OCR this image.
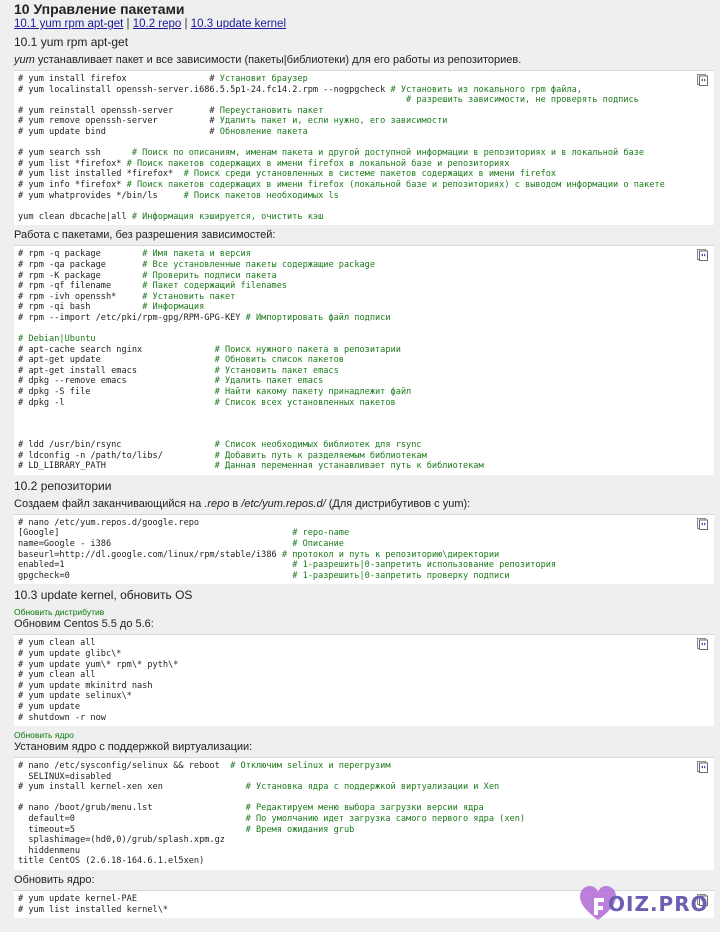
10 Управление пакетами
10.1 yum rpm apt-get | 10.2 repo | 10.3 update kernel
10.1 yum rpm apt-get
yum устанавливает пакет и все зависимости (пакеты|библиотеки) для его работы из репозиториев.
# yum install firefox                # Установит браузер
# yum localinstall openssh-server.i686.5.5p1-24.fc14.2.rpm --nogpgcheck # Установить из локального rpm файла,
# разрешить зависимости, не проверять подпись
# yum reinstall openssh-server       # Переустановить пакет
# yum remove openssh-server          # Удалить пакет и, если нужно, его зависимости
# yum update bind                    # Обновление пакета
# yum search ssh      # Поиск по описаниям, именам пакета и другой доступной информации в репозиториях и в локальной базе
# yum list *firefox* # Поиск пакетов содержащих в имени firefox в локальной базе и репозиториях
# yum list installed *firefox*  # Поиск среди установленных в системе пакетов содержащих в имени firefox
# yum info *firefox* # Поиск пакетов содержащих в имени firefox (локальной базе и репозиториях) с выводом информации о пакете
# yum whatprovides */bin/ls     # Поиск пакетов необходимых ls
yum clean dbcache|all # Информация кэшируется, очистить кэш
Работа с пакетами, без разрешения зависимостей:
# rpm -q package        # Имя пакета и версия
# rpm -qa package       # Все установленные пакеты содержащие package
# rpm -K package        # Проверить подписи пакета
# rpm -qf filename      # Пакет содержащий filenames
# rpm -ivh openssh*     # Установить пакет
# rpm -qi bash          # Информация
# rpm --import /etc/pki/rpm-gpg/RPM-GPG-KEY # Импортировать файл подписи
# Debian|Ubuntu
# apt-cache search nginx              # Поиск нужного пакета в репозитарии
# apt-get update                      # Обновить список пакетов
# apt-get install emacs               # Установить пакет emacs
# dpkg --remove emacs                 # Удалить пакет emacs
# dpkg -S file                        # Найти какому пакету принадлежит файл
# dpkg -l                             # Список всех установленных пакетов
# ldd /usr/bin/rsync                  # Список необходимых библиотек для rsync
# ldconfig -n /path/to/libs/          # Добавить путь к разделяемым библиотекам
# LD_LIBRARY_PATH                     # Данная переменная устанавливает путь к библиотекам
10.2 репозитории
Создаем файл заканчивающийся на .repo в /etc/yum.repos.d/ (Для дистрибутивов с yum):
# nano /etc/yum.repos.d/google.repo
[Google]                                             # repo-name
name=Google - i386                                   # Описание
baseurl=http://dl.google.com/linux/rpm/stable/i386 # протокол и путь к репозиторию\директории
enabled=1                                            # 1-разрешить|0-запретить использование репозитория
gpgcheck=0                                           # 1-разрешить|0-запретить проверку подписи
10.3 update kernel, обновить OS
Обновить дистрибутив
Обновим Centos 5.5 до 5.6:
# yum clean all
# yum update glibc\*
# yum update yum\* rpm\* pyth\*
# yum clean all
# yum update mkinitrd nash
# yum update selinux\*
# yum update
# shutdown -r now
Обновить ядро
Установим ядро с поддержкой виртуализации:
# nano /etc/sysconfig/selinux && reboot  # Отключим selinux и перегрузим
SELINUX=disabled
# yum install kernel-xen xen                # Установка ядра с поддержкой виртуализации и Xen
# nano /boot/grub/menu.lst                  # Редактируем меню выбора загрузки версии ядра
default=0                                 # По умолчанию идет загрузка самого первого ядра (xen)
timeout=5                                 # Время ожидания grub
splashimage=(hd0,0)/grub/splash.xpm.gz
hiddenmenu
title CentOS (2.6.18-164.6.1.el5xen)
Обновить ядро:
# yum update kernel-PAE
# yum list installed kernel\*	OIZ.PRO
